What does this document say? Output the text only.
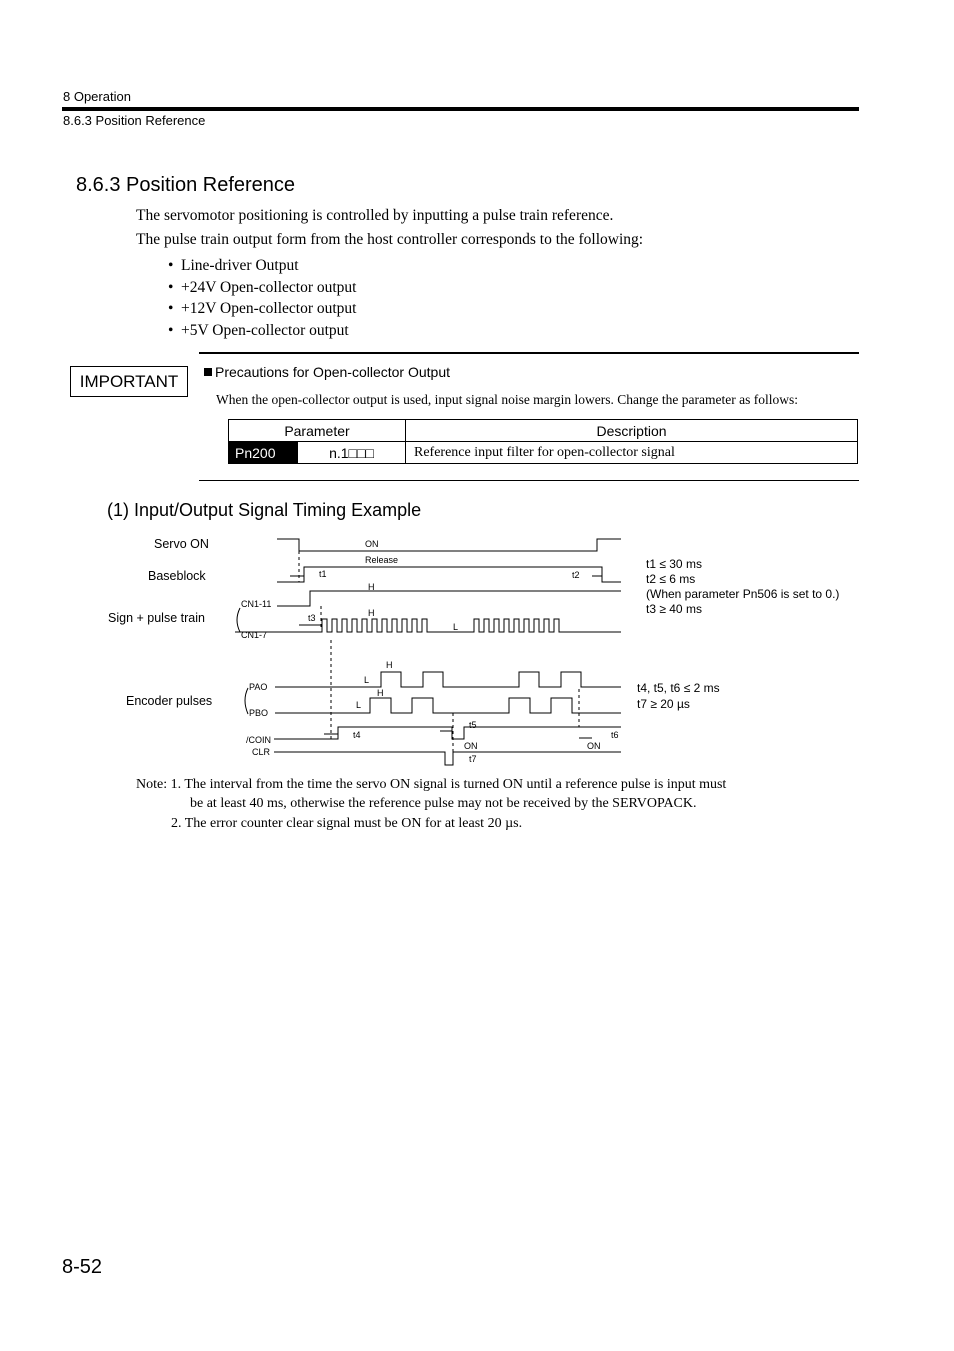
8 Operation
8.6.3 Position Reference
8.6.3 Position Reference
The servomotor positioning is controlled by inputting a pulse train reference.
The pulse train output form from the host controller corresponds to the following:
• Line-driver Output
• +24V Open-collector output
• +12V Open-collector output
• +5V Open-collector output
IMPORTANT	Precautions for Open-collector Output
When the open-collector output is used, input signal noise margin lowers. Change the parameter as follows:
Parameter		Description
Pn200	n.1□□□	Reference input filter for open-collector signal
(1) Input/Output Signal Timing Example
Servo ON
Baseblock
Sign + pulse train
Encoder pulses
CN1-11
CN1-7
PAO
PBO
/COIN
CLR
ON
Release
H
H
L
H
L
H
L
ON	ON
t1	t2
t3
t4
t5
t6
t7
t1 ≤ 30 ms
t2 ≤ 6 ms
(When parameter Pn506 is set to 0.)
t3 ≥ 40 ms
t4, t5, t6 ≤ 2 ms
t7 ≥ 20 µs
Note: 1. The interval from the time the servo ON signal is turned ON until a reference pulse is input must
be at least 40 ms, otherwise the reference pulse may not be received by the SERVOPACK.
2. The error counter clear signal must be ON for at least 20 µs.
8-52
